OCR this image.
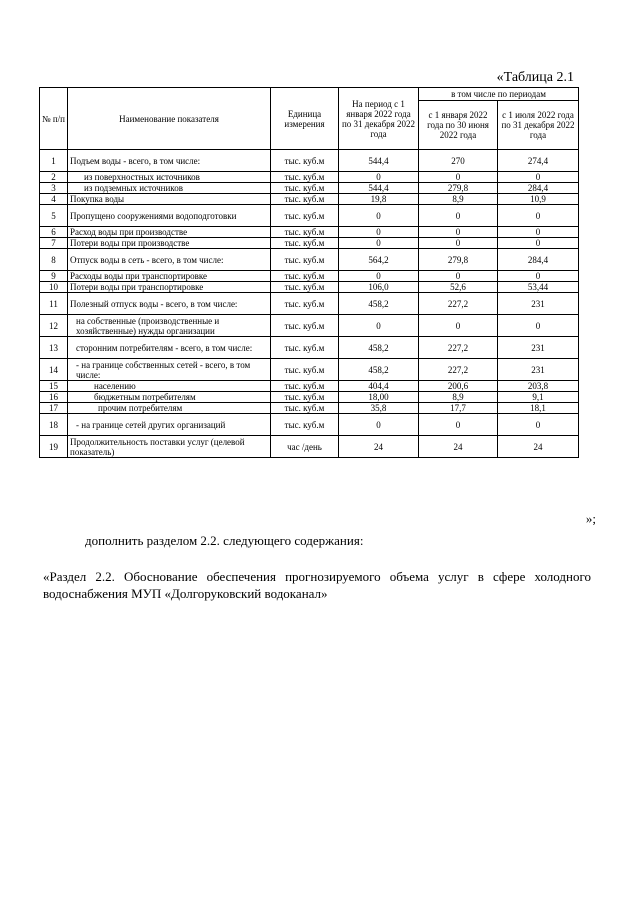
«Таблица 2.1
№ п/п	Наименование показателя	Единица измерения	На период с 1 января 2022 года по 31 декабря 2022 года	в том числе по периодам	
				с 1 января 2022 года по 30 июня 2022 года	с 1 июля 2022 года по 31 декабря 2022 года
1	Подъем воды - всего, в том числе:	тыс. куб.м	544,4	270	274,4
2	из поверхностных источников	тыс. куб.м	0	0	0
3	из подземных источников	тыс. куб.м	544,4	279,8	284,4
4	Покупка воды	тыс. куб.м	19,8	8,9	10,9
5	Пропущено сооружениями водоподготовки	тыс. куб.м	0	0	0
6	Расход воды при производстве	тыс. куб.м	0	0	0
7	Потери воды при производстве	тыс. куб.м	0	0	0
8	Отпуск воды в сеть - всего, в том числе:	тыс. куб.м	564,2	279,8	284,4
9	Расходы воды при транспортировке	тыс. куб.м	0	0	0
10	Потери воды при транспортировке	тыс. куб.м	106,0	52,6	53,44
11	Полезный отпуск воды - всего, в том числе:	тыс. куб.м	458,2	227,2	231
12	на собственные (производственные и хозяйственные) нужды организации	тыс. куб.м	0	0	0
13	сторонним потребителям - всего, в том числе:	тыс. куб.м	458,2	227,2	231
14	- на границе собственных сетей - всего, в том числе:	тыс. куб.м	458,2	227,2	231
15	населению	тыс. куб.м	404,4	200,6	203,8
16	бюджетным потребителям	тыс. куб.м	18,00	8,9	9,1
17	прочим потребителям	тыс. куб.м	35,8	17,7	18,1
18	- на границе сетей других организаций	тыс. куб.м	0	0	0
19	Продолжительность поставки услуг (целевой показатель)	час /день	24	24	24
»;
дополнить разделом 2.2. следующего содержания:
«Раздел 2.2. Обоснование обеспечения прогнозируемого объема услуг в сфере холодного водоснабжения МУП «Долгоруковский водоканал»
